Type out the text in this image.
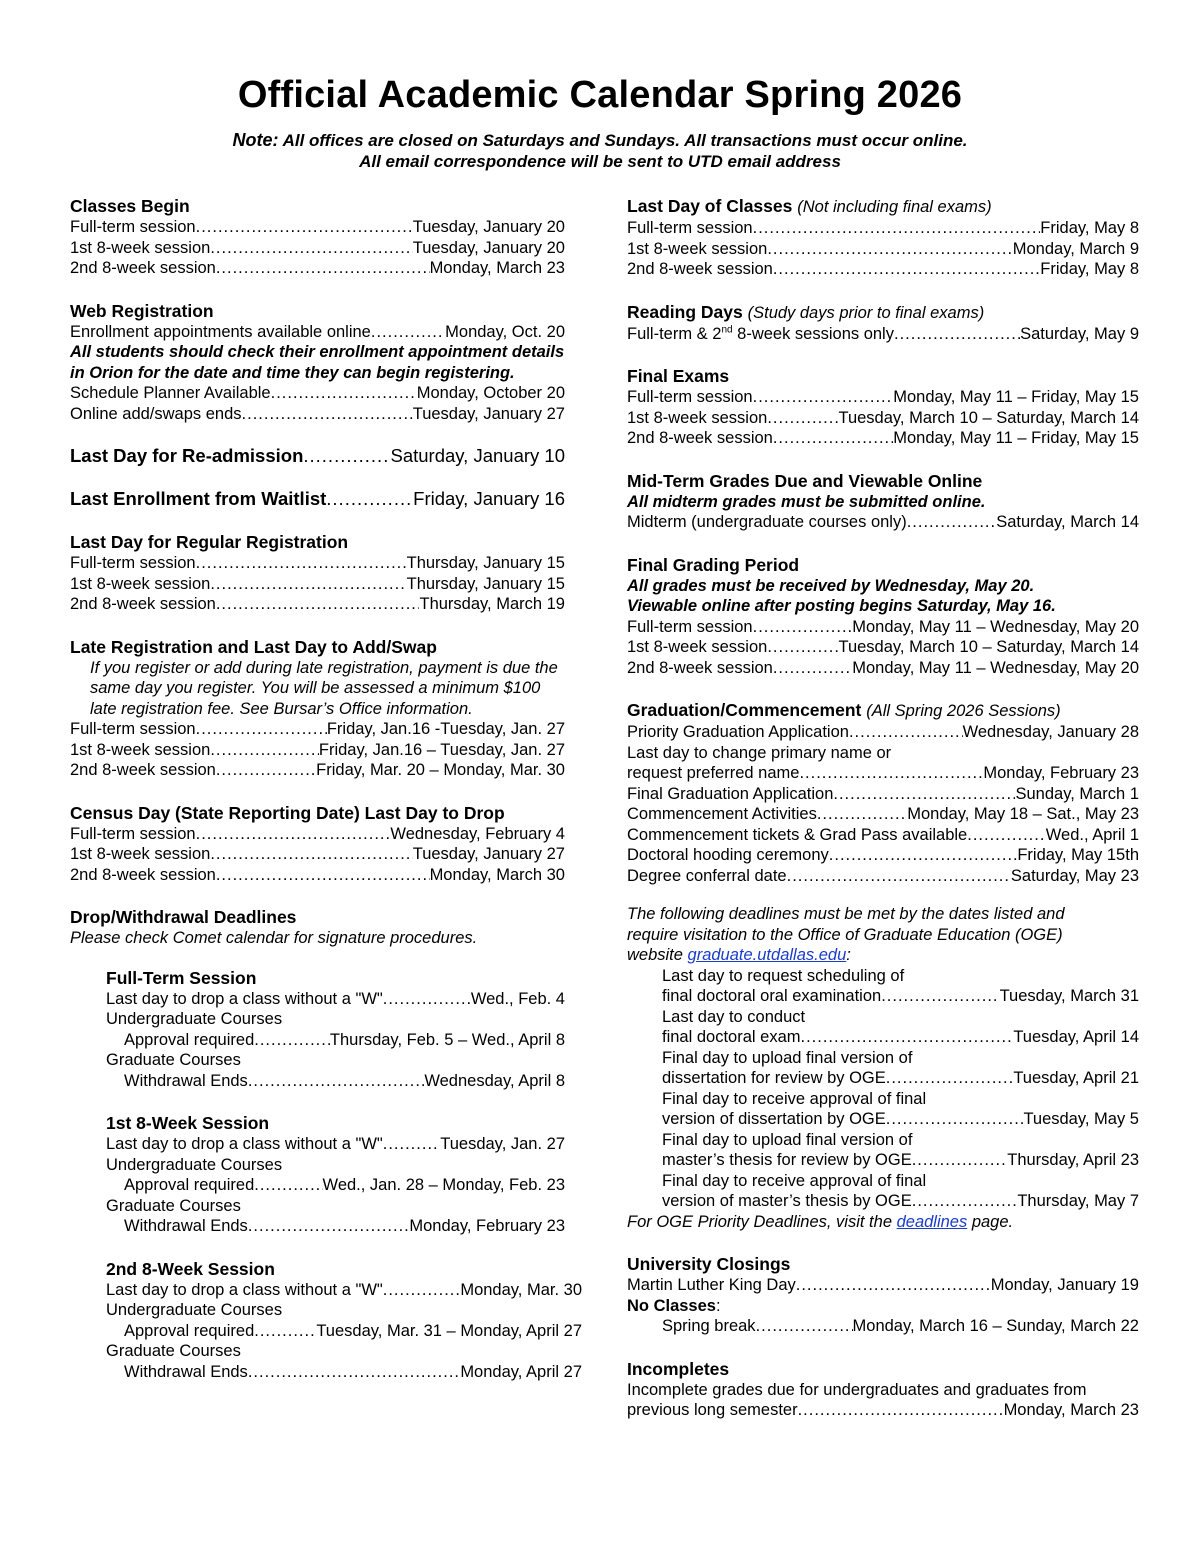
Official Academic Calendar Spring 2026
Note: All offices are closed on Saturdays and Sundays. All transactions must occur online.
All email correspondence will be sent to UTD email address
Classes Begin
Full-term session .....	Tuesday, January 20
1st 8-week session .....	Tuesday, January 20
2nd 8-week session .....	Monday, March 23
Web Registration
Enrollment appointments available online .....	Monday, Oct. 20
All students should check their enrollment appointment details in Orion for the date and time they can begin registering.
Schedule Planner Available .....	Monday, October 20
Online add/swaps ends .....	Tuesday, January 27
Last Day for Re-admission .....	Saturday, January 10
Last Enrollment from Waitlist .....	Friday, January 16
Last Day for Regular Registration
Full-term session .....	Thursday, January 15
1st 8-week session .....	Thursday, January 15
2nd 8-week session .....	Thursday, March 19
Late Registration and Last Day to Add/Swap
If you register or add during late registration, payment is due the same day you register. You will be assessed a minimum $100 late registration fee. See Bursar’s Office information.
Full-term session .....	Friday, Jan.16 -Tuesday, Jan. 27
1st 8-week session .....	Friday, Jan.16 – Tuesday, Jan. 27
2nd 8-week session .....	Friday, Mar. 20 – Monday, Mar. 30
Census Day (State Reporting Date) Last Day to Drop
Full-term session .....	Wednesday, February 4
1st 8-week session .....	Tuesday, January 27
2nd 8-week session .....	Monday, March 30
Drop/Withdrawal Deadlines
Please check Comet calendar for signature procedures.
Full-Term Session
Last day to drop a class without a "W" .....	Wed., Feb. 4
Undergraduate Courses
Approval required .....	Thursday, Feb. 5 – Wed., April 8
Graduate Courses
Withdrawal Ends .....	Wednesday, April 8
1st 8-Week Session
Last day to drop a class without a "W" .....	Tuesday, Jan. 27
Undergraduate Courses
Approval required .....	Wed., Jan. 28 – Monday, Feb. 23
Graduate Courses
Withdrawal Ends .....	Monday, February 23
2nd 8-Week Session
Last day to drop a class without a "W" .....	Monday, Mar. 30
Undergraduate Courses
Approval required .....	Tuesday, Mar. 31 – Monday, April 27
Graduate Courses
Withdrawal Ends .....	Monday, April 27
Last Day of Classes (Not including final exams)
Full-term session .....	Friday, May 8
1st 8-week session .....	Monday, March 9
2nd 8-week session .....	Friday, May 8
Reading Days (Study days prior to final exams)
Full-term & 2nd 8-week sessions only .....	Saturday, May 9
Final Exams
Full-term session .....	Monday, May 11 – Friday, May 15
1st 8-week session .....	Tuesday, March 10 – Saturday, March 14
2nd 8-week session .....	Monday, May 11 – Friday, May 15
Mid-Term Grades Due and Viewable Online
All midterm grades must be submitted online.
Midterm (undergraduate courses only) .....	Saturday, March 14
Final Grading Period
All grades must be received by Wednesday, May 20.
Viewable online after posting begins Saturday, May 16.
Full-term session .....	Monday, May 11 – Wednesday, May 20
1st 8-week session .....	Tuesday, March 10 – Saturday, March 14
2nd 8-week session .....	Monday, May 11 – Wednesday, May 20
Graduation/Commencement (All Spring 2026 Sessions)
Priority Graduation Application .....	Wednesday, January 28
Last day to change primary name or
request preferred name .....	Monday, February 23
Final Graduation Application .....	Sunday, March 1
Commencement Activities .....	Monday, May 18 – Sat., May 23
Commencement tickets & Grad Pass available .....	Wed., April 1
Doctoral hooding ceremony .....	Friday, May 15th
Degree conferral date .....	Saturday, May 23
The following deadlines must be met by the dates listed and require visitation to the Office of Graduate Education (OGE) website graduate.utdallas.edu:
Last day to request scheduling of
final doctoral oral examination .....	Tuesday, March 31
Last day to conduct
final doctoral exam .....	Tuesday, April 14
Final day to upload final version of
dissertation for review by OGE .....	Tuesday, April 21
Final day to receive approval of final
version of dissertation by OGE .....	Tuesday, May 5
Final day to upload final version of
master’s thesis for review by OGE .....	Thursday, April 23
Final day to receive approval of final
version of master’s thesis by OGE .....	Thursday, May 7
For OGE Priority Deadlines, visit the deadlines page.
University Closings
Martin Luther King Day .....	Monday, January 19
No Classes:
Spring break .....	Monday, March 16 – Sunday, March 22
Incompletes
Incomplete grades due for undergraduates and graduates from
previous long semester .....	Monday, March 23
